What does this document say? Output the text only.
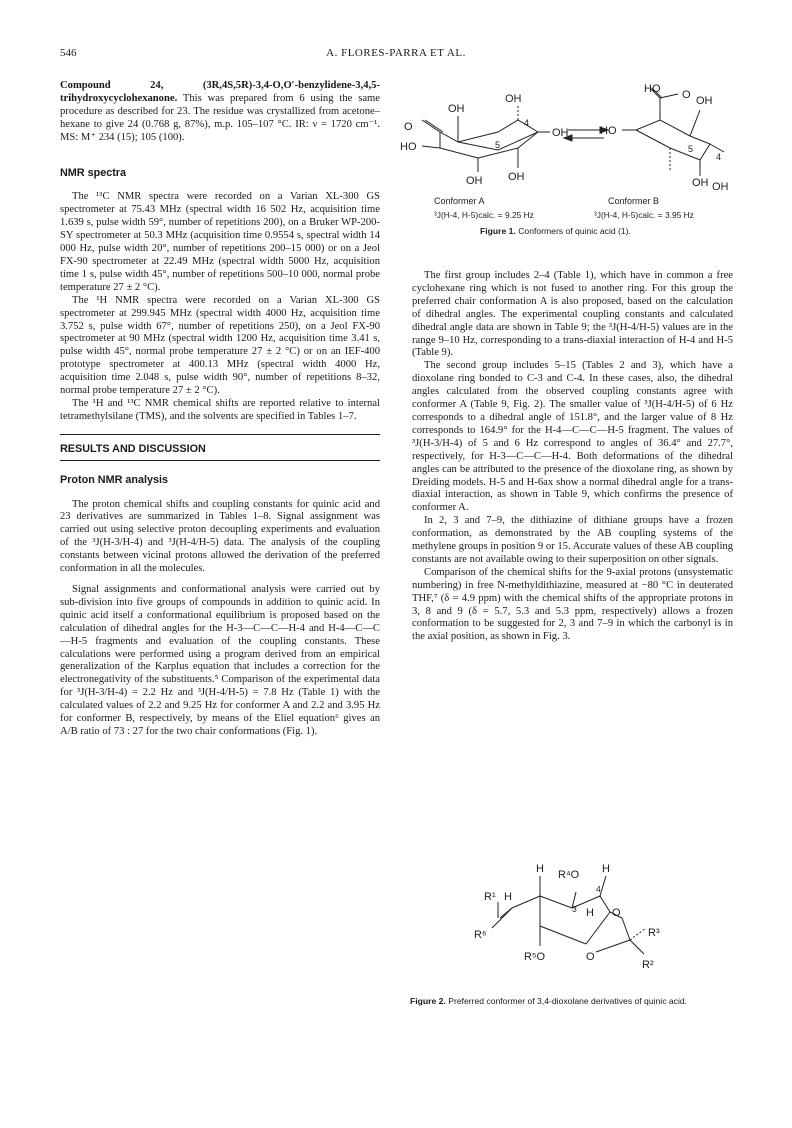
546	A. FLORES-PARRA ET AL.

Compound 24, (3R,4S,5R)-3,4-O,O′-benzylidene-3,4,5-trihydroxycyclohexanone. This was prepared from 6 using the same procedure as described for 23. The residue was crystallized from acetone–hexane to give 24 (0.768 g, 87%), m.p. 105–107 °C. IR: ν = 1720 cm⁻¹. MS: M⁺ 234 (15); 105 (100).

NMR spectra

The ¹³C NMR spectra were recorded on a Varian XL-300 GS spectrometer at 75.43 MHz (spectral width 16 502 Hz, acquisition time 1.639 s, pulse width 59°, number of repetitions 200), on a Bruker WP-200-SY spectrometer at 50.3 MHz (acquisition time 0.9554 s, spectral width 14 000 Hz, pulse width 20°, number of repetitions 200–15 000) or on a Jeol FX-90 spectrometer at 22.49 MHz (spectral width 5000 Hz, acquisition time 1 s, pulse width 45°, number of repetitions 500–10 000, normal probe temperature 27 ± 2 °C).

The ¹H NMR spectra were recorded on a Varian XL-300 GS spectrometer at 299.945 MHz (spectral width 4000 Hz, acquisition time 3.752 s, pulse width 67°, number of repetitions 250), on a Jeol FX-90 spectrometer at 90 MHz (spectral width 1200 Hz, acquisition time 3.41 s, pulse width 45°, normal probe temperature 27 ± 2 °C) or on an IEF-400 prototype spectrometer at 400.13 MHz (spectral width 4000 Hz, acquisition time 2.048 s, pulse width 90°, number of repetitions 8–32, normal probe temperature 27 ± 2 °C).

The ¹H and ¹³C NMR chemical shifts are reported relative to internal tetramethylsilane (TMS), and the solvents are specified in Tables 1–7.

RESULTS AND DISCUSSION
Proton NMR analysis

The proton chemical shifts and coupling constants for quinic acid and 23 derivatives are summarized in Tables 1–8. Signal assignment was carried out using selective proton decoupling experiments and evaluation of the ³J(H-3/H-4) and ³J(H-4/H-5) data. The analysis of the coupling constants between vicinal protons allowed the derivation of the preferred conformation in all the molecules.

Signal assignments and conformational analysis were carried out by sub-division into five groups of compounds in addition to quinic acid. In quinic acid itself a conformational equilibrium is proposed based on the calculation of dihedral angles for the H-3—C—C—H-4 and H-4—C—C—H-5 fragments and evaluation of the coupling constants. These calculations were performed using a program derived from an empirical generalization of the Karplus equation that includes a correction for the electronegativity of the substituents.⁵ Comparison of the experimental data for ³J(H-3/H-4) = 2.2 Hz and ³J(H-4/H-5) = 7.8 Hz (Table 1) with the calculated values of 2.2 and 9.25 Hz for conformer A and 2.2 and 3.95 Hz for conformer B, respectively, by means of the Eliel equation⁶ gives an A/B ratio of 73 : 27 for the two chair conformations (Fig. 1).

The first group includes 2–4 (Table 1), which have in common a free cyclohexane ring which is not fused to another ring. For this group the preferred chair conformation A is also proposed, based on the calculation of dihedral angles. The experimental coupling constants and calculated dihedral angle data are shown in Table 9; the ³J(H-4/H-5) values are in the range 9–10 Hz, corresponding to a trans-diaxial interaction of H-4 and H-5 (Table 9).

The second group includes 5–15 (Tables 2 and 3), which have a dioxolane ring bonded to C-3 and C-4. In these cases, also, the dihedral angles calculated from the observed coupling constants agree with conformer A (Table 9, Fig. 2). The smaller value of ³J(H-4/H-5) of 6 Hz corresponds to a dihedral angle of 151.8°, and the larger value of 8 Hz corresponds to 164.9° for the H-4—C—C—H-5 fragment. The values of ³J(H-3/H-4) of 5 and 6 Hz correspond to angles of 36.4° and 27.7°, respectively, for H-3—C—C—H-4. Both deformations of the dihedral angles can be attributed to the presence of the dioxolane ring, as shown by Dreiding models. H-5 and H-6ax show a normal dihedral angle for a trans-diaxial interaction, as shown in Table 9, which confirms the presence of conformer A.

In 2, 3 and 7–9, the dithiazine of dithiane groups have a frozen conformation, as demonstrated by the AB coupling systems of the methylene groups in position 9 or 15. Accurate values of these AB coupling constants are not available owing to their superposition on other signals.

Comparison of the chemical shifts for the 9-axial protons (unsystematic numbering) in free N-methyldithiazine, measured at −80 °C in deuterated THF,⁷ (δ = 4.9 ppm) with the chemical shifts of the appropriate protons in 3, 8 and 9 (δ = 5.7, 5.3 and 5.3 ppm, respectively) allows a frozen conformation to be suggested for 2, 3 and 7–9 in which the carbonyl is in the axial position, as shown in Fig. 3.

O
HO
OH
OH
OH
OH OH
5
4
HO O OH
HO
5
4
OH OH
Conformer A	Conformer B
³J(H-4, H-5)calc. = 9.25 Hz	³J(H-4, H-5)calc. = 3.95 Hz
Figure 1. Conformers of quinic acid (1).
H R⁴O H
R¹ H
R⁶
3
4
H O
O
R⁵O
R³
R²
Figure 2. Preferred conformer of 3,4-dioxolane derivatives of quinic acid.
